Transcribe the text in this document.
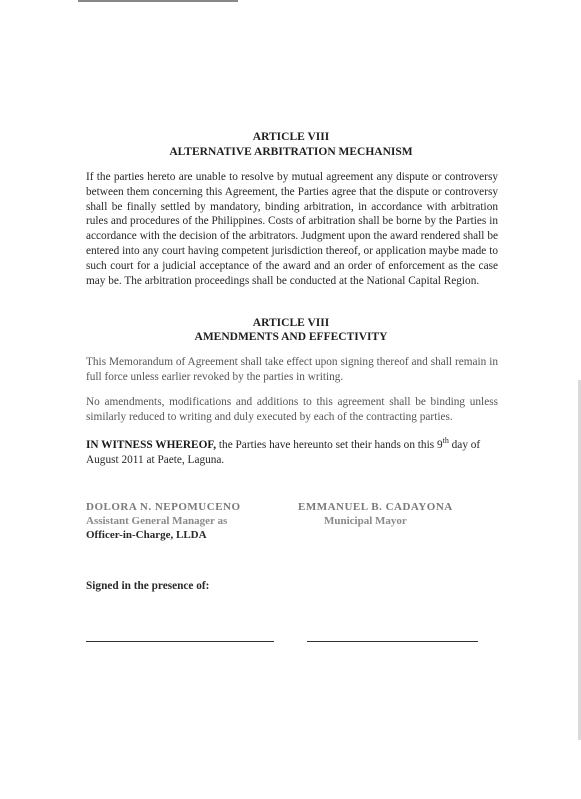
ARTICLE VIII
ALTERNATIVE ARBITRATION MECHANISM

If the parties hereto are unable to resolve by mutual agreement any dispute or controversy between them concerning this Agreement, the Parties agree that the dispute or controversy shall be finally settled by mandatory, binding arbitration, in accordance with arbitration rules and procedures of the Philippines. Costs of arbitration shall be borne by the Parties in accordance with the decision of the arbitrators. Judgment upon the award rendered shall be entered into any court having competent jurisdiction thereof, or application maybe made to such court for a judicial acceptance of the award and an order of enforcement as the case may be. The arbitration proceedings shall be conducted at the National Capital Region.

ARTICLE VIII
AMENDMENTS AND EFFECTIVITY

This Memorandum of Agreement shall take effect upon signing thereof and shall remain in full force unless earlier revoked by the parties in writing.

No amendments, modifications and additions to this agreement shall be binding unless similarly reduced to writing and duly executed by each of the contracting parties.

IN WITNESS WHEREOF, the Parties have hereunto set their hands on this 9th day of August 2011 at Paete, Laguna.

DOLORA N. NEPOMUCENO
Assistant General Manager as
Officer-in-Charge, LLDA
EMMANUEL B. CADAYONA
Municipal Mayor
Signed in the presence of:
